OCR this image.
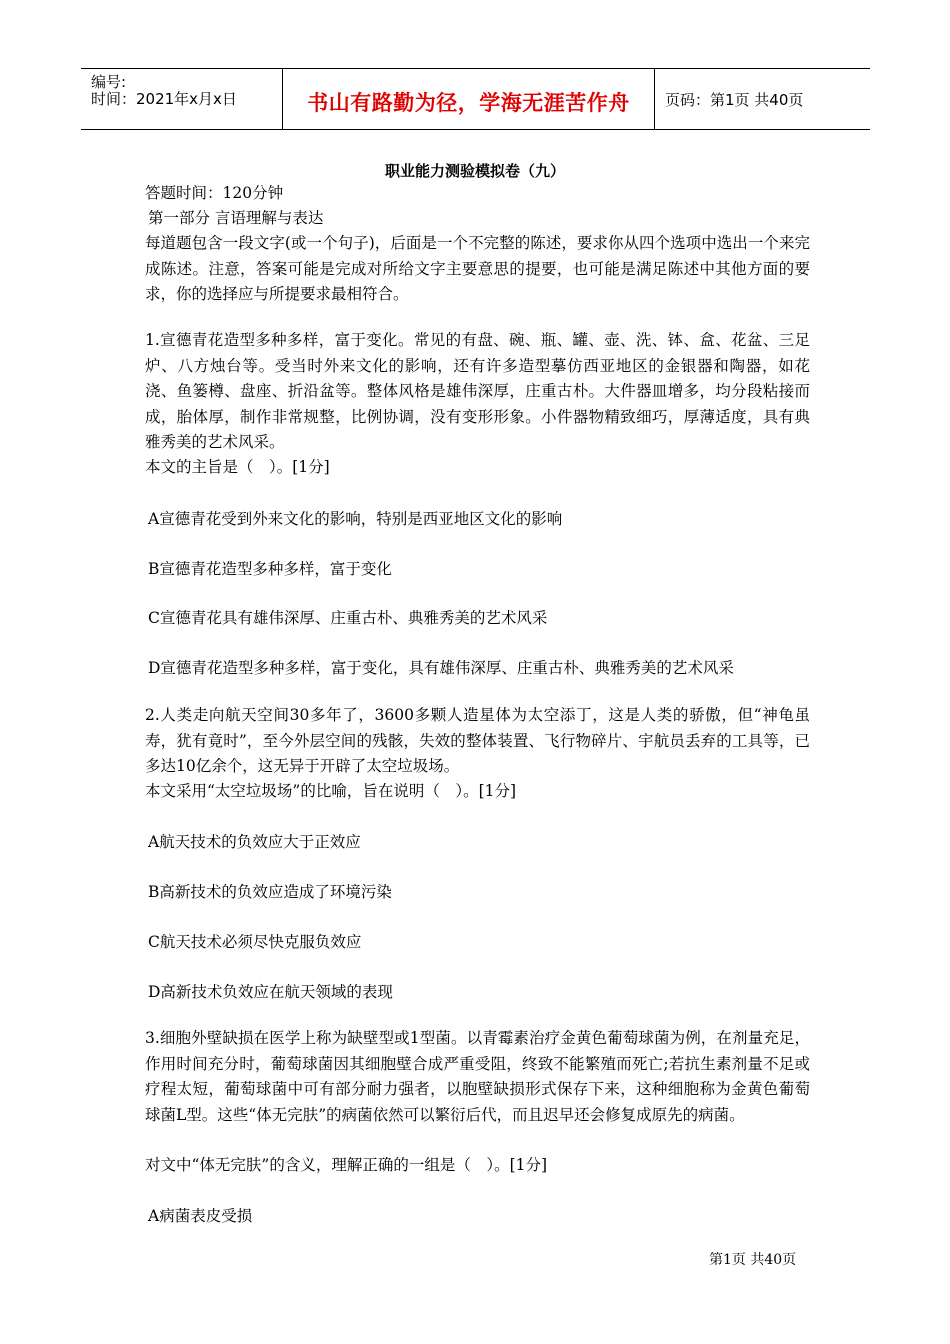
编号:
时间：2021年x月x日	书山有路勤为径，学海无涯苦作舟	页码：第1页 共40页
职业能力测验模拟卷（九）
答题时间：120分钟
第一部分 言语理解与表达
每道题包含一段文字(或一个句子)，后面是一个不完整的陈述，要求你从四个选项中选出一个来完成陈述。注意，答案可能是完成对所给文字主要意思的提要，也可能是满足陈述中其他方面的要求，你的选择应与所提要求最相符合。
1.宣德青花造型多种多样，富于变化。常见的有盘、碗、瓶、罐、壶、洗、钵、盒、花盆、三足炉、八方烛台等。受当时外来文化的影响，还有许多造型摹仿西亚地区的金银器和陶器，如花浇、鱼篓樽、盘座、折沿盆等。整体风格是雄伟深厚，庄重古朴。大件器皿增多，均分段粘接而成，胎体厚，制作非常规整，比例协调，没有变形形象。小件器物精致细巧，厚薄适度，具有典雅秀美的艺术风采。
本文的主旨是（　）。[1分]
A宣德青花受到外来文化的影响，特别是西亚地区文化的影响
B宣德青花造型多种多样，富于变化
C宣德青花具有雄伟深厚、庄重古朴、典雅秀美的艺术风采
D宣德青花造型多种多样，富于变化，具有雄伟深厚、庄重古朴、典雅秀美的艺术风采
2.人类走向航天空间30多年了，3600多颗人造星体为太空添丁，这是人类的骄傲，但“神龟虽寿，犹有竟时”，至今外层空间的残骸，失效的整体装置、飞行物碎片、宇航员丢弃的工具等，已多达10亿余个，这无异于开辟了太空垃圾场。
本文采用“太空垃圾场”的比喻，旨在说明（　）。[1分]
A航天技术的负效应大于正效应
B高新技术的负效应造成了环境污染
C航天技术必须尽快克服负效应
D高新技术负效应在航天领域的表现
3.细胞外壁缺损在医学上称为缺壁型或1型菌。以青霉素治疗金黄色葡萄球菌为例，在剂量充足，作用时间充分时，葡萄球菌因其细胞壁合成严重受阻，终致不能繁殖而死亡;若抗生素剂量不足或疗程太短，葡萄球菌中可有部分耐力强者，以胞壁缺损形式保存下来，这种细胞称为金黄色葡萄球菌L型。这些“体无完肤”的病菌依然可以繁衍后代，而且迟早还会修复成原先的病菌。
对文中“体无完肤”的含义，理解正确的一组是（　）。[1分]
A病菌表皮受损
第1页 共40页
